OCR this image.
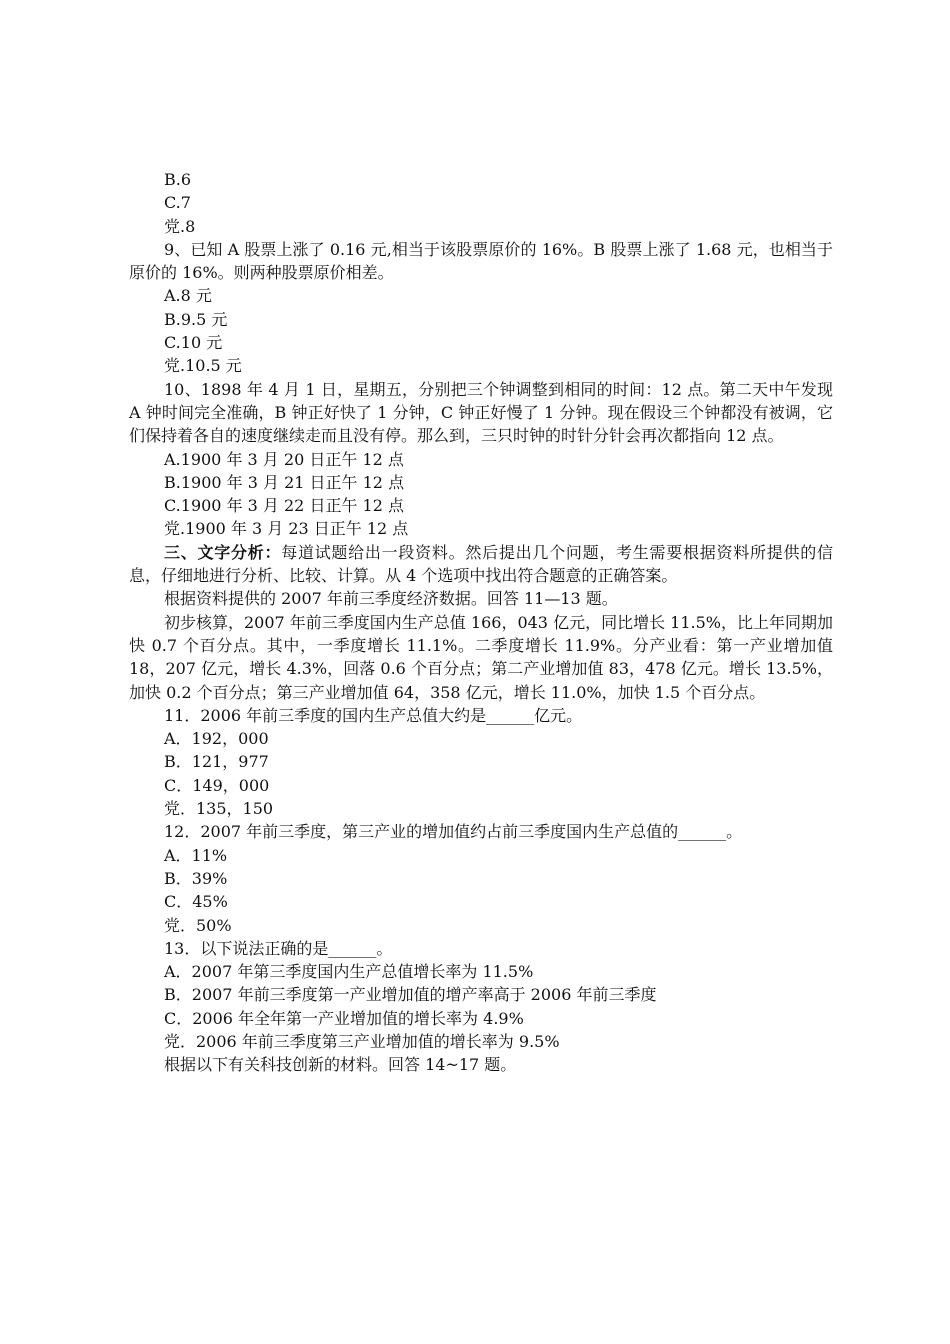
B.6
C.7
党.8
9、已知 A 股票上涨了 0.16 元,相当于该股票原价的 16%。B 股票上涨了 1.68 元，也相当于原价的 16%。则两种股票原价相差。
A.8 元
B.9.5 元
C.10 元
党.10.5 元
10、1898 年 4 月 1 日，星期五，分别把三个钟调整到相同的时间：12 点。第二天中午发现 A 钟时间完全准确，B 钟正好快了 1 分钟，C 钟正好慢了 1 分钟。现在假设三个钟都没有被调，它们保持着各自的速度继续走而且没有停。那么到，三只时钟的时针分针会再次都指向 12 点。
A.1900 年 3 月 20 日正午 12 点
B.1900 年 3 月 21 日正午 12 点
C.1900 年 3 月 22 日正午 12 点
党.1900 年 3 月 23 日正午 12 点
三、文字分析：每道试题给出一段资料。然后提出几个问题，考生需要根据资料所提供的信息，仔细地进行分析、比较、计算。从 4 个选项中找出符合题意的正确答案。
根据资料提供的 2007 年前三季度经济数据。回答 11—13 题。
初步核算，2007 年前三季度国内生产总值 166，043 亿元，同比增长 11.5%，比上年同期加快 0.7 个百分点。其中，一季度增长 11.1%。二季度增长 11.9%。分产业看：第一产业增加值 18，207 亿元，增长 4.3%，回落 0.6 个百分点；第二产业增加值 83，478 亿元。增长 13.5%，加快 0.2 个百分点；第三产业增加值 64，358 亿元，增长 11.0%，加快 1.5 个百分点。
11．2006 年前三季度的国内生产总值大约是______亿元。
A．192，000
B．121，977
C．149，000
党．135，150
12．2007 年前三季度，第三产业的增加值约占前三季度国内生产总值的______。
A．11%
B．39%
C．45%
党．50%
13．以下说法正确的是______。
A．2007 年第三季度国内生产总值增长率为 11.5%
B．2007 年前三季度第一产业增加值的增产率高于 2006 年前三季度
C．2006 年全年第一产业增加值的增长率为 4.9%
党．2006 年前三季度第三产业增加值的增长率为 9.5%
根据以下有关科技创新的材料。回答 14~17 题。
